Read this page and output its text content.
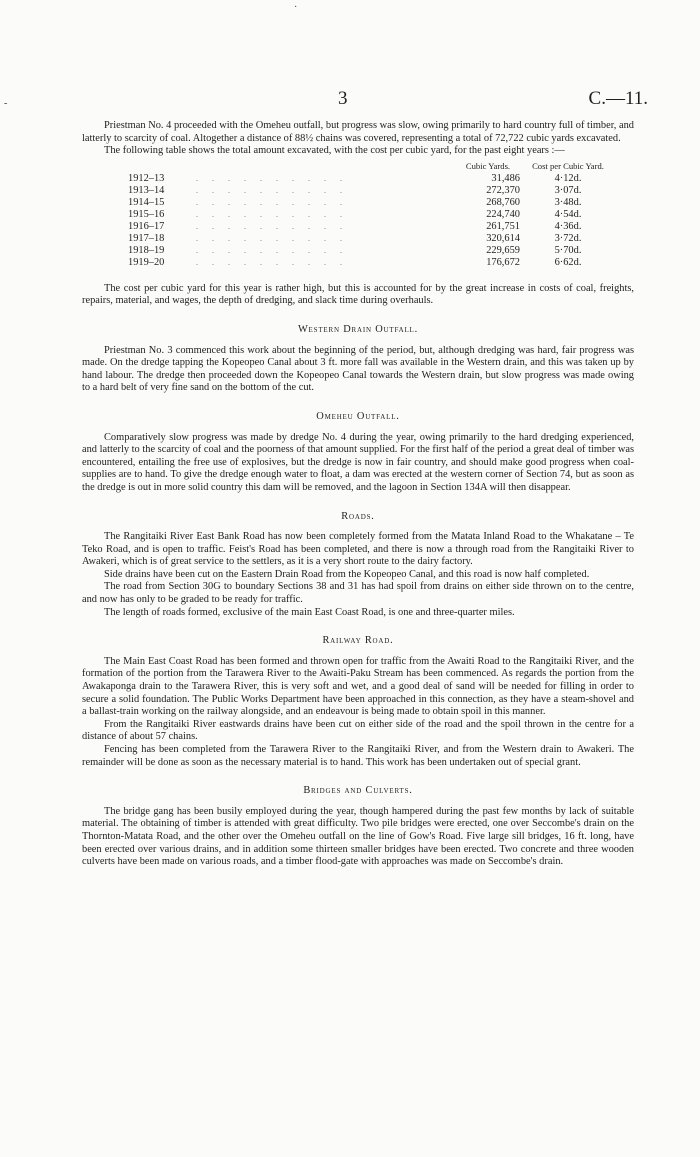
·
-	3	C.—11.

Priestman No. 4 proceeded with the Omeheu outfall, but progress was slow, owing primarily to hard country full of timber, and latterly to scarcity of coal. Altogether a distance of 88½ chains was covered, representing a total of 72,722 cubic yards excavated.

The following table shows the total amount excavated, with the cost per cubic yard, for the past eight years :—

		Cubic Yards.	Cost per Cubic Yard.
1912–13	. . . . . . . . . .	31,486	4·12d.
1913–14	. . . . . . . . . .	272,370	3·07d.
1914–15	. . . . . . . . . .	268,760	3·48d.
1915–16	. . . . . . . . . .	224,740	4·54d.
1916–17	. . . . . . . . . .	261,751	4·36d.
1917–18	. . . . . . . . . .	320,614	3·72d.
1918–19	. . . . . . . . . .	229,659	5·70d.
1919–20	. . . . . . . . . .	176,672	6·62d.

The cost per cubic yard for this year is rather high, but this is accounted for by the great increase in costs of coal, freights, repairs, material, and wages, the depth of dredging, and slack time during overhauls.

Western Drain Outfall.

Priestman No. 3 commenced this work about the beginning of the period, but, although dredging was hard, fair progress was made. On the dredge tapping the Kopeopeo Canal about 3 ft. more fall was available in the Western drain, and this was taken up by hand labour. The dredge then proceeded down the Kopeopeo Canal towards the Western drain, but slow progress was made owing to a hard belt of very fine sand on the bottom of the cut.

Omeheu Outfall.

Comparatively slow progress was made by dredge No. 4 during the year, owing primarily to the hard dredging experienced, and latterly to the scarcity of coal and the poorness of that amount supplied. For the first half of the period a great deal of timber was encountered, entailing the free use of explosives, but the dredge is now in fair country, and should make good progress when coal-supplies are to hand. To give the dredge enough water to float, a dam was erected at the western corner of Section 74, but as soon as the dredge is out in more solid country this dam will be removed, and the lagoon in Section 134A will then disappear.

Roads.

The Rangitaiki River East Bank Road has now been completely formed from the Matata Inland Road to the Whakatane – Te Teko Road, and is open to traffic. Feist's Road has been completed, and there is now a through road from the Rangitaiki River to Awakeri, which is of great service to the settlers, as it is a very short route to the dairy factory.

Side drains have been cut on the Eastern Drain Road from the Kopeopeo Canal, and this road is now half completed.

The road from Section 30G to boundary Sections 38 and 31 has had spoil from drains on either side thrown on to the centre, and now has only to be graded to be ready for traffic.

The length of roads formed, exclusive of the main East Coast Road, is one and three-quarter miles.

Railway Road.

The Main East Coast Road has been formed and thrown open for traffic from the Awaiti Road to the Rangitaiki River, and the formation of the portion from the Tarawera River to the Awaiti-Paku Stream has been commenced. As regards the portion from the Awakaponga drain to the Tarawera River, this is very soft and wet, and a good deal of sand will be needed for filling in order to secure a solid foundation. The Public Works Department have been approached in this connection, as they have a steam-shovel and a ballast-train working on the railway alongside, and an endeavour is being made to obtain spoil in this manner.

From the Rangitaiki River eastwards drains have been cut on either side of the road and the spoil thrown in the centre for a distance of about 57 chains.

Fencing has been completed from the Tarawera River to the Rangitaiki River, and from the Western drain to Awakeri. The remainder will be done as soon as the necessary material is to hand. This work has been undertaken out of special grant.

Bridges and Culverts.

The bridge gang has been busily employed during the year, though hampered during the past few months by lack of suitable material. The obtaining of timber is attended with great difficulty. Two pile bridges were erected, one over Seccombe's drain on the Thornton-Matata Road, and the other over the Omeheu outfall on the line of Gow's Road. Five large sill bridges, 16 ft. long, have been erected over various drains, and in addition some thirteen smaller bridges have been erected. Two concrete and three wooden culverts have been made on various roads, and a timber flood-gate with approaches was made on Seccombe's drain.
